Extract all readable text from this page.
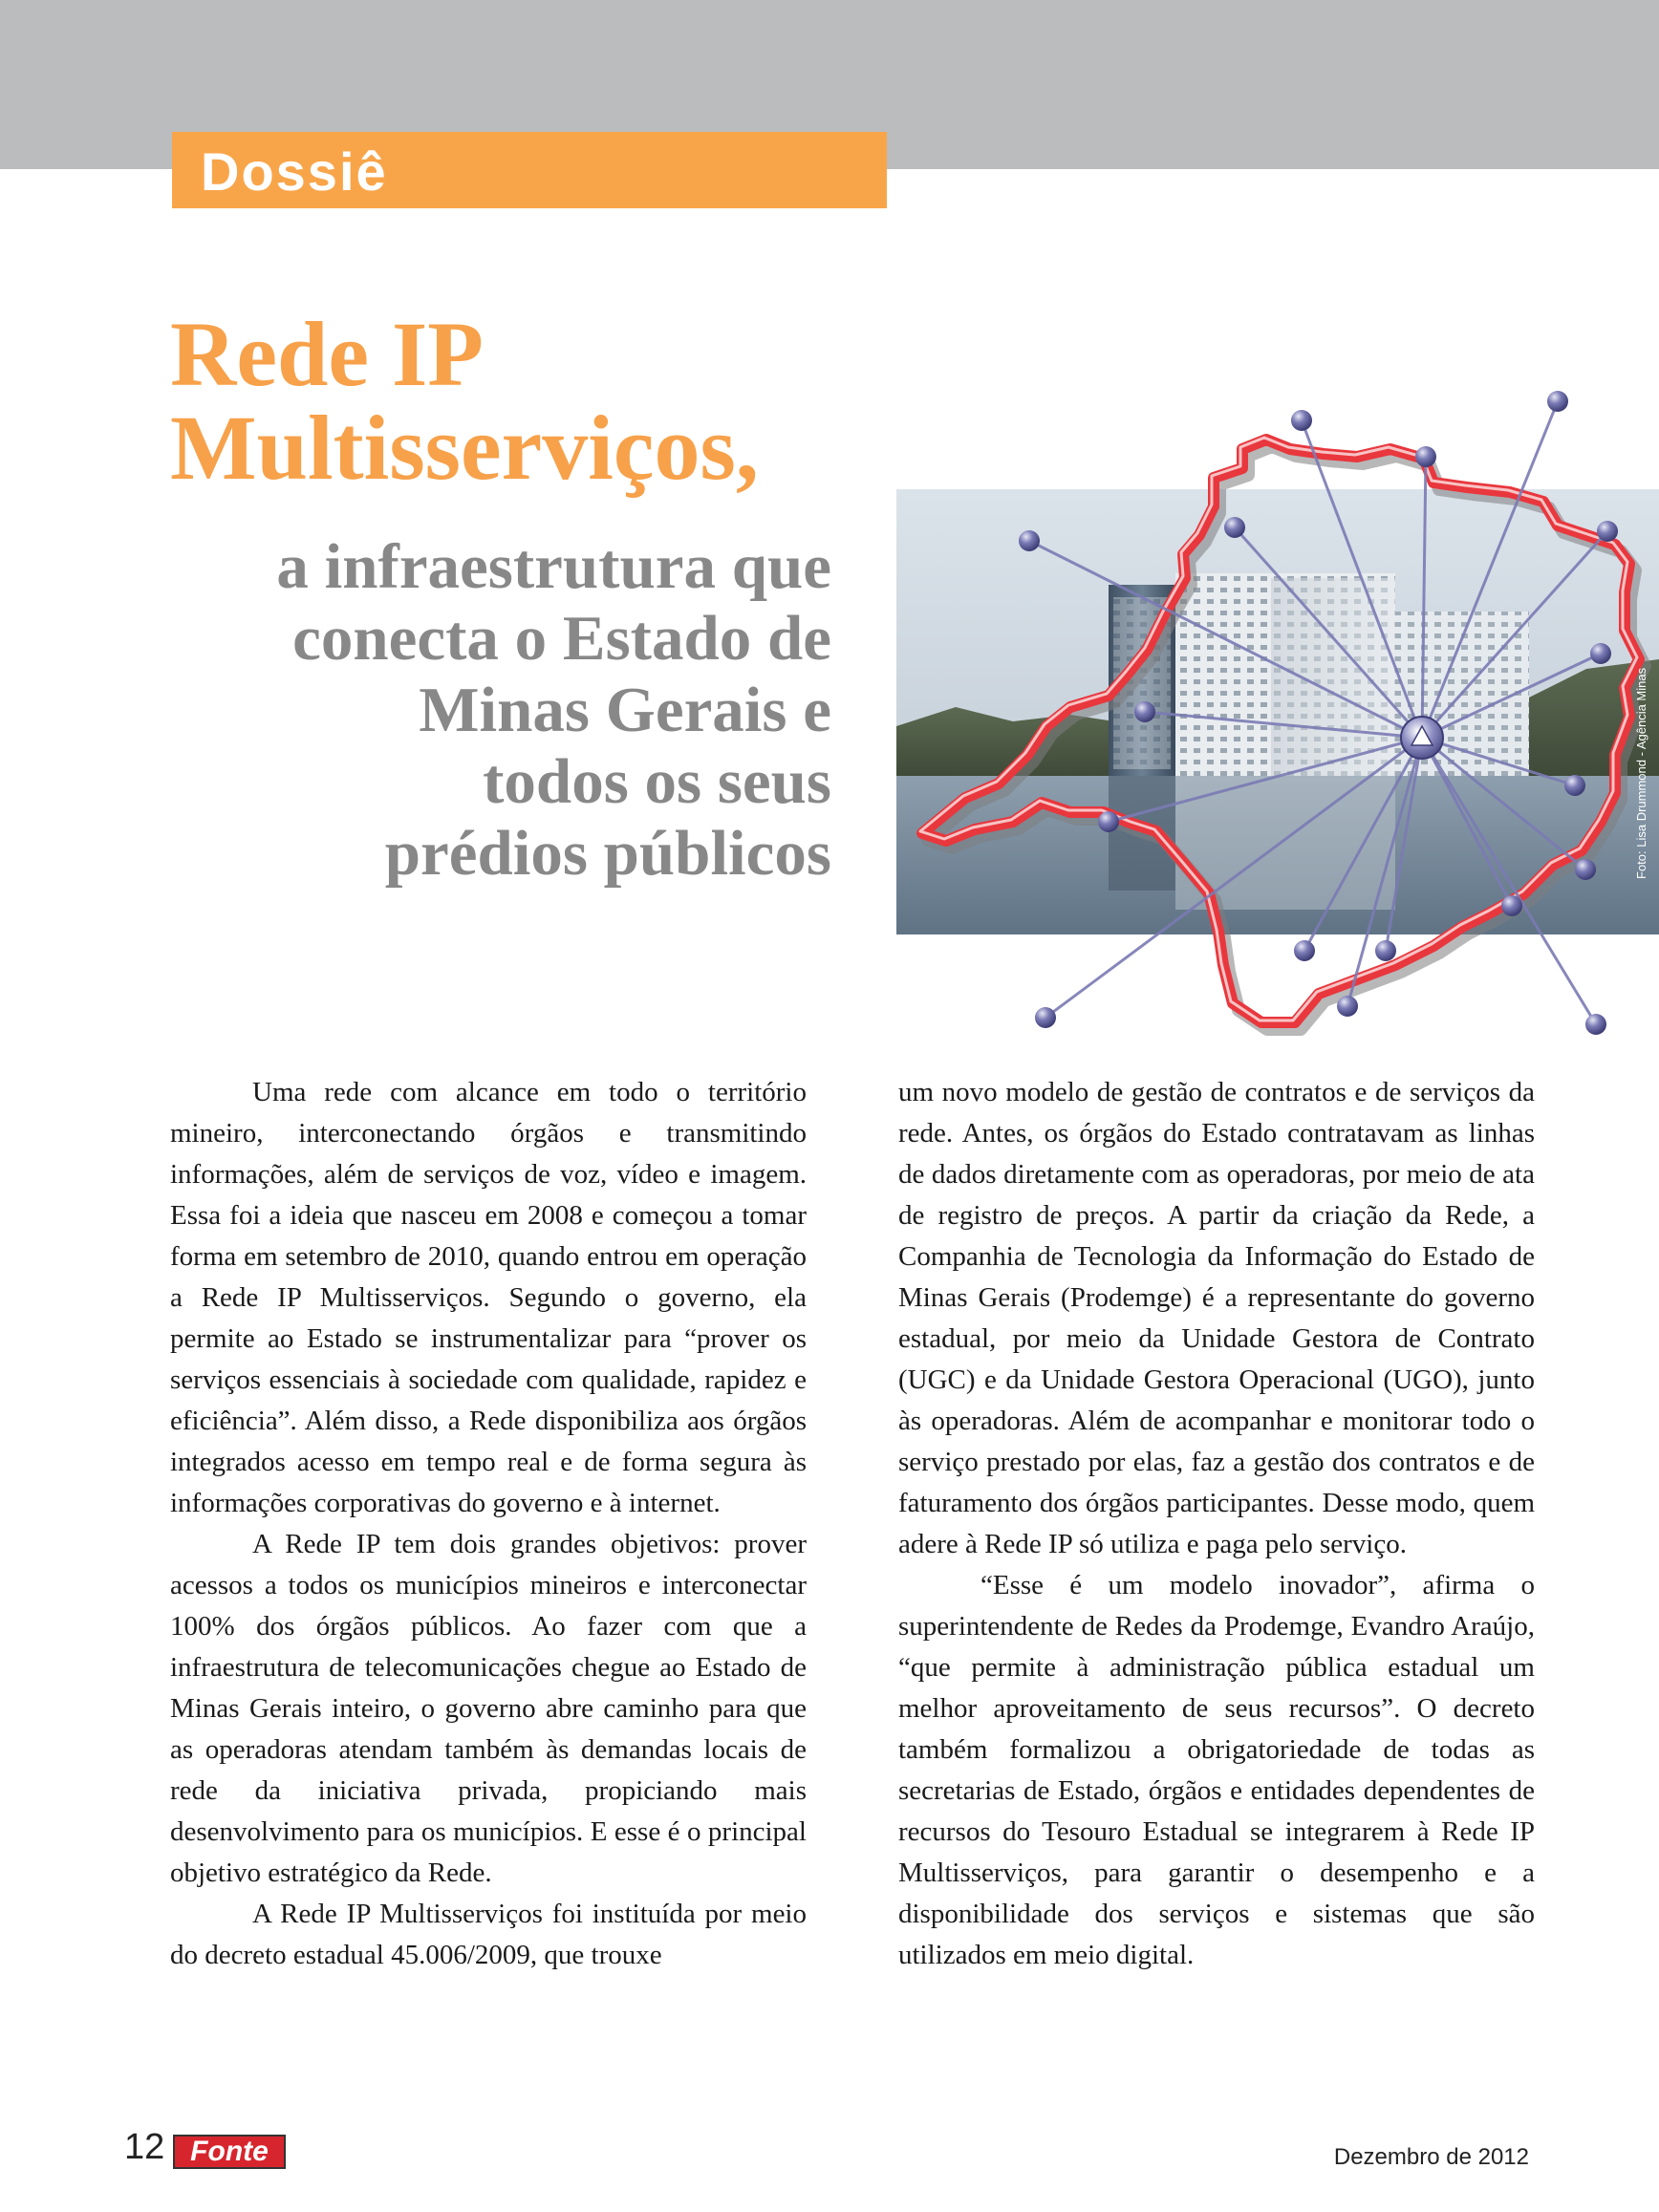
Dossiê
Rede IP
Multisserviços,
a infraestrutura que
conecta o Estado de
Minas Gerais e
todos os seus
prédios públicos	Foto: Lisa Drummond - Agência Minas

Uma rede com alcance em todo o território mineiro, interconectando órgãos e transmitindo informações, além de serviços de voz, vídeo e imagem. Essa foi a ideia que nasceu em 2008 e começou a tomar forma em setembro de 2010, quando entrou em operação a Rede IP Multisserviços. Segundo o governo, ela permite ao Estado se instrumentalizar para “prover os serviços essenciais à sociedade com qualidade, rapidez e eficiência”. Além disso, a Rede disponibiliza aos órgãos integrados acesso em tempo real e de forma segura às informações corporativas do governo e à internet.

A Rede IP tem dois grandes objetivos: prover acessos a todos os municípios mineiros e interconectar 100% dos órgãos públicos. Ao fazer com que a infraestrutura de telecomunicações chegue ao Estado de Minas Gerais inteiro, o governo abre caminho para que as operadoras atendam também às demandas locais de rede da iniciativa privada, propiciando mais desenvolvimento para os municípios. E esse é o principal objetivo estratégico da Rede.

A Rede IP Multisserviços foi instituída por meio do decreto estadual 45.006/2009, que trouxe

um novo modelo de gestão de contratos e de serviços da rede. Antes, os órgãos do Estado contratavam as linhas de dados diretamente com as operadoras, por meio de ata de registro de preços. A partir da criação da Rede, a Companhia de Tecnologia da Informação do Estado de Minas Gerais (Prodemge) é a representante do governo estadual, por meio da Unidade Gestora de Contrato (UGC) e da Unidade Gestora Operacional (UGO), junto às operadoras. Além de acompanhar e monitorar todo o serviço prestado por elas, faz a gestão dos contratos e de faturamento dos órgãos participantes. Desse modo, quem adere à Rede IP só utiliza e paga pelo serviço.

“Esse é um modelo inovador”, afirma o superintendente de Redes da Prodemge, Evandro Araújo, “que permite à administração pública estadual um melhor aproveitamento de seus recursos”. O decreto também formalizou a obrigatoriedade de todas as secretarias de Estado, órgãos e entidades dependentes de recursos do Tesouro Estadual se integrarem à Rede IP Multisserviços, para garantir o desempenho e a disponibilidade dos serviços e sistemas que são utilizados em meio digital.

12 Fonte	Dezembro de 2012
